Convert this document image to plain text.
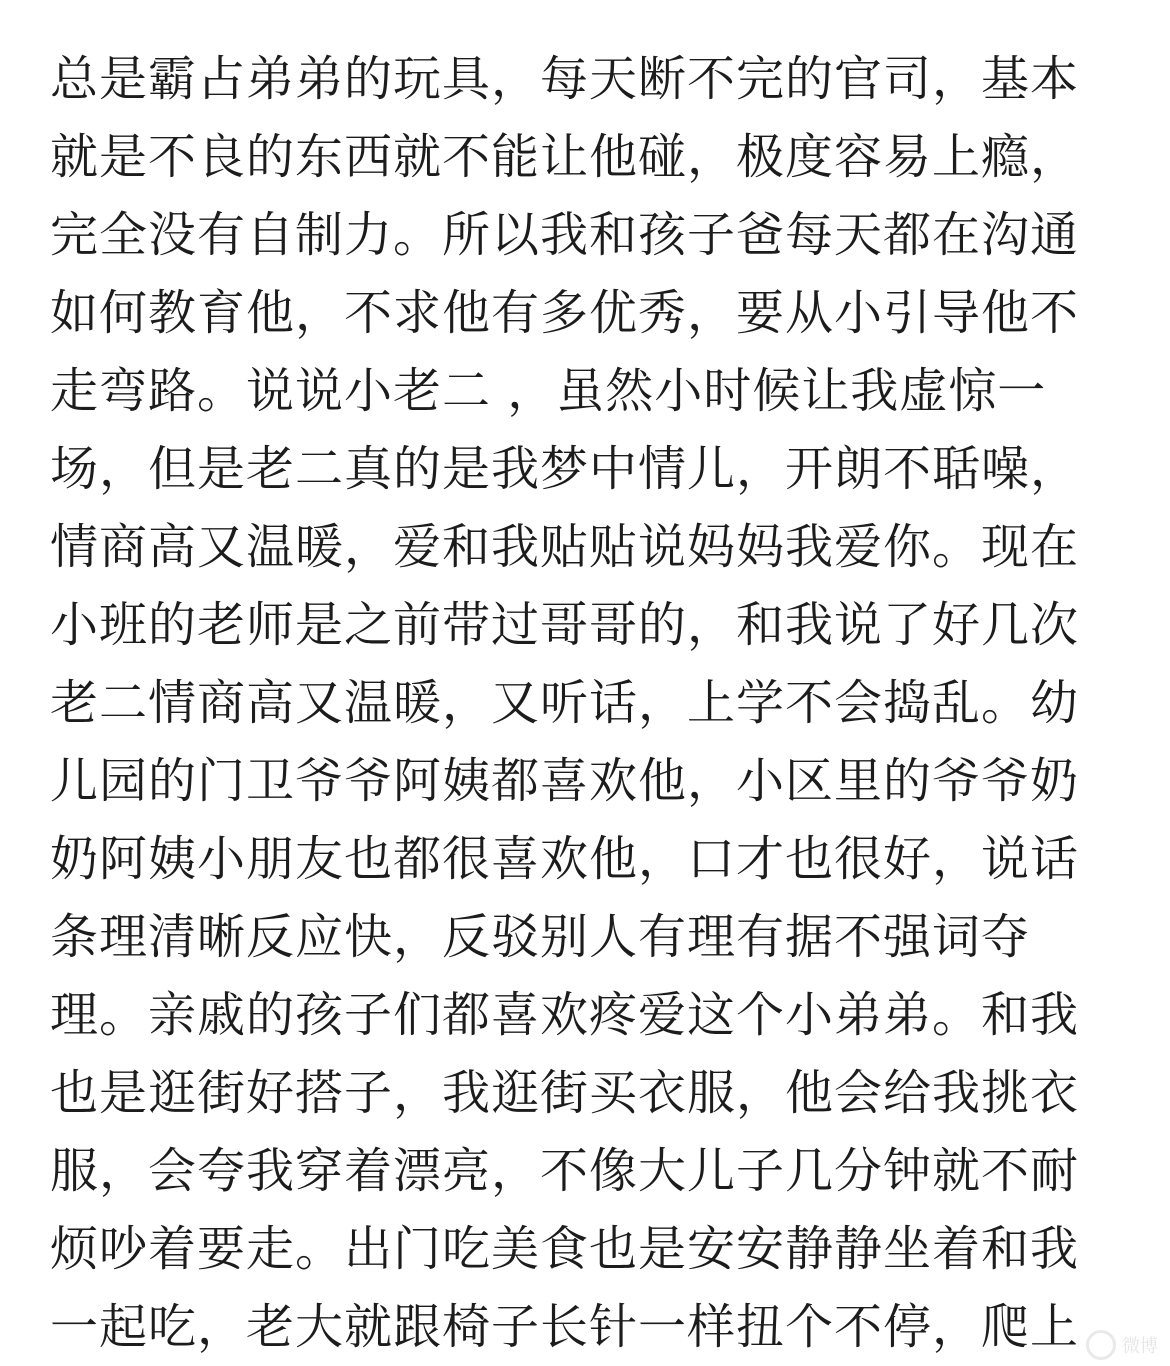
总是霸占弟弟的玩具，每天断不完的官司，基本
就是不良的东西就不能让他碰，极度容易上瘾，
完全没有自制力。所以我和孩子爸每天都在沟通
如何教育他，不求他有多优秀，要从小引导他不
走弯路。说说小老二 ，虽然小时候让我虚惊一
场，但是老二真的是我梦中情儿，开朗不聒噪，
情商高又温暖，爱和我贴贴说妈妈我爱你。现在
小班的老师是之前带过哥哥的，和我说了好几次
老二情商高又温暖，又听话，上学不会捣乱。幼
儿园的门卫爷爷阿姨都喜欢他，小区里的爷爷奶
奶阿姨小朋友也都很喜欢他，口才也很好，说话
条理清晰反应快，反驳别人有理有据不强词夺
理。亲戚的孩子们都喜欢疼爱这个小弟弟。和我
也是逛街好搭子，我逛街买衣服，他会给我挑衣
服，会夸我穿着漂亮，不像大儿子几分钟就不耐
烦吵着要走。出门吃美食也是安安静静坐着和我
一起吃，老大就跟椅子长针一样扭个不停，爬上	微博
